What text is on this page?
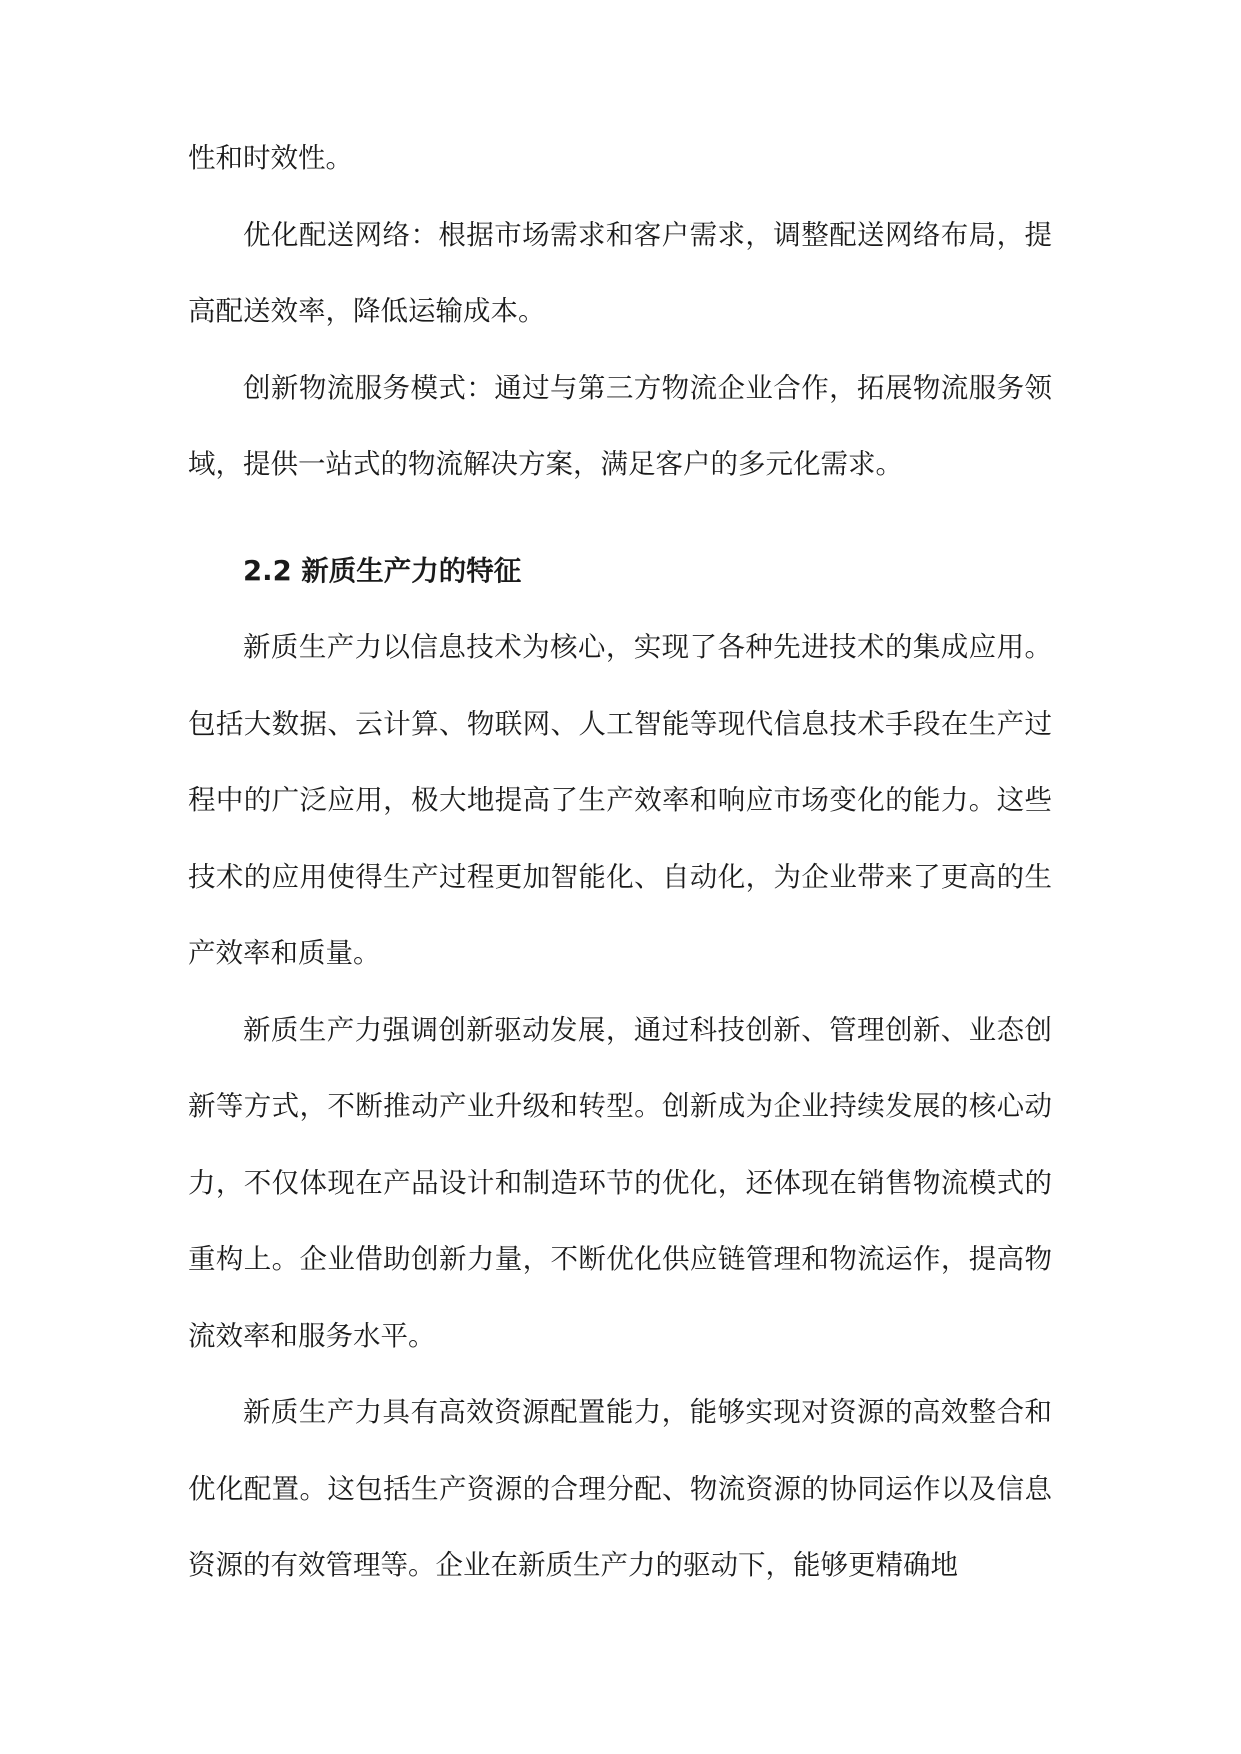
性和时效性。

优化配送网络：根据市场需求和客户需求，调整配送网络布局，提高配送效率，降低运输成本。

创新物流服务模式：通过与第三方物流企业合作，拓展物流服务领域，提供一站式的物流解决方案，满足客户的多元化需求。

2.2 新质生产力的特征

新质生产力以信息技术为核心，实现了各种先进技术的集成应用。包括大数据、云计算、物联网、人工智能等现代信息技术手段在生产过程中的广泛应用，极大地提高了生产效率和响应市场变化的能力。这些技术的应用使得生产过程更加智能化、自动化，为企业带来了更高的生产效率和质量。

新质生产力强调创新驱动发展，通过科技创新、管理创新、业态创新等方式，不断推动产业升级和转型。创新成为企业持续发展的核心动力，不仅体现在产品设计和制造环节的优化，还体现在销售物流模式的重构上。企业借助创新力量，不断优化供应链管理和物流运作，提高物流效率和服务水平。

新质生产力具有高效资源配置能力，能够实现对资源的高效整合和优化配置。这包括生产资源的合理分配、物流资源的协同运作以及信息资源的有效管理等。企业在新质生产力的驱动下，能够更精确地
